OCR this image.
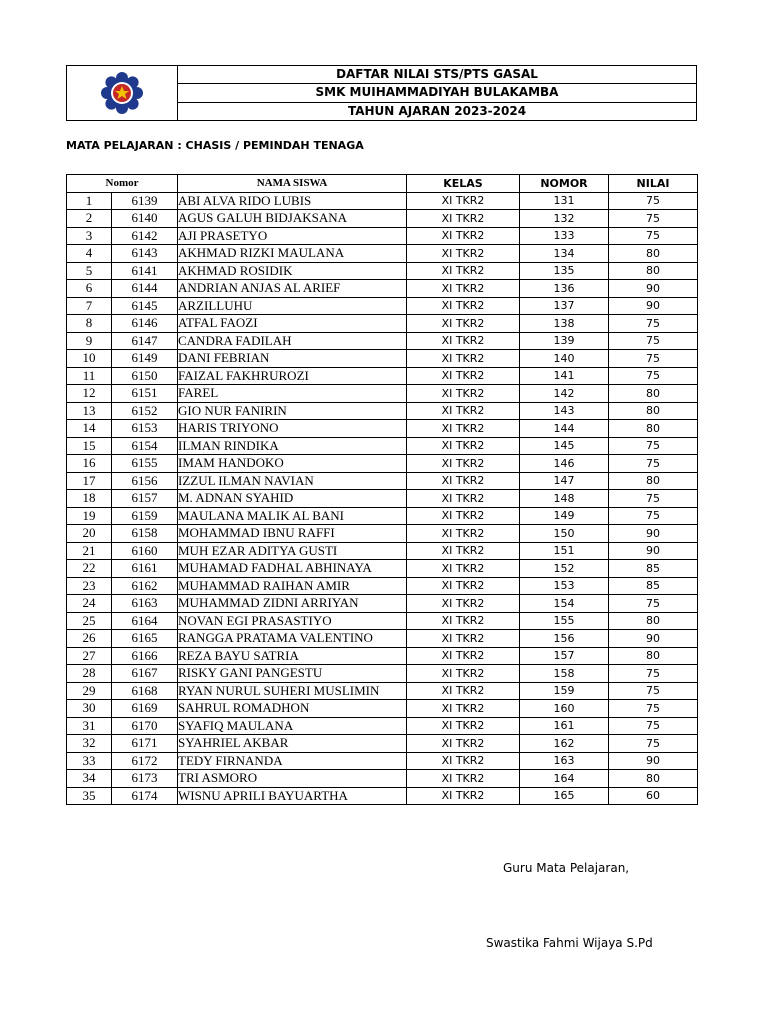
DAFTAR NILAI STS/PTS GASAL
SMK MUIHAMMADIYAH BULAKAMBA
TAHUN AJARAN 2023-2024
MATA PELAJARAN : CHASIS / PEMINDAH TENAGA
Nomor		NAMA SISWA	KELAS	NOMOR	NILAI
1	6139	ABI ALVA RIDO LUBIS	XI TKR2	131	75
2	6140	AGUS GALUH BIDJAKSANA	XI TKR2	132	75
3	6142	AJI PRASETYO	XI TKR2	133	75
4	6143	AKHMAD RIZKI MAULANA	XI TKR2	134	80
5	6141	AKHMAD ROSIDIK	XI TKR2	135	80
6	6144	ANDRIAN ANJAS AL ARIEF	XI TKR2	136	90
7	6145	ARZILLUHU	XI TKR2	137	90
8	6146	ATFAL FAOZI	XI TKR2	138	75
9	6147	CANDRA FADILAH	XI TKR2	139	75
10	6149	DANI FEBRIAN	XI TKR2	140	75
11	6150	FAIZAL FAKHRUROZI	XI TKR2	141	75
12	6151	FAREL	XI TKR2	142	80
13	6152	GIO NUR FANIRIN	XI TKR2	143	80
14	6153	HARIS TRIYONO	XI TKR2	144	80
15	6154	ILMAN RINDIKA	XI TKR2	145	75
16	6155	IMAM HANDOKO	XI TKR2	146	75
17	6156	IZZUL ILMAN NAVIAN	XI TKR2	147	80
18	6157	M. ADNAN SYAHID	XI TKR2	148	75
19	6159	MAULANA MALIK AL BANI	XI TKR2	149	75
20	6158	MOHAMMAD IBNU RAFFI	XI TKR2	150	90
21	6160	MUH EZAR ADITYA GUSTI	XI TKR2	151	90
22	6161	MUHAMAD FADHAL ABHINAYA	XI TKR2	152	85
23	6162	MUHAMMAD RAIHAN AMIR	XI TKR2	153	85
24	6163	MUHAMMAD ZIDNI ARRIYAN	XI TKR2	154	75
25	6164	NOVAN EGI PRASASTIYO	XI TKR2	155	80
26	6165	RANGGA PRATAMA VALENTINO	XI TKR2	156	90
27	6166	REZA BAYU SATRIA	XI TKR2	157	80
28	6167	RISKY GANI PANGESTU	XI TKR2	158	75
29	6168	RYAN NURUL SUHERI MUSLIMIN	XI TKR2	159	75
30	6169	SAHRUL ROMADHON	XI TKR2	160	75
31	6170	SYAFIQ MAULANA	XI TKR2	161	75
32	6171	SYAHRIEL AKBAR	XI TKR2	162	75
33	6172	TEDY FIRNANDA	XI TKR2	163	90
34	6173	TRI ASMORO	XI TKR2	164	80
35	6174	WISNU APRILI BAYUARTHA	XI TKR2	165	60
Guru Mata Pelajaran,
Swastika Fahmi Wijaya S.Pd
